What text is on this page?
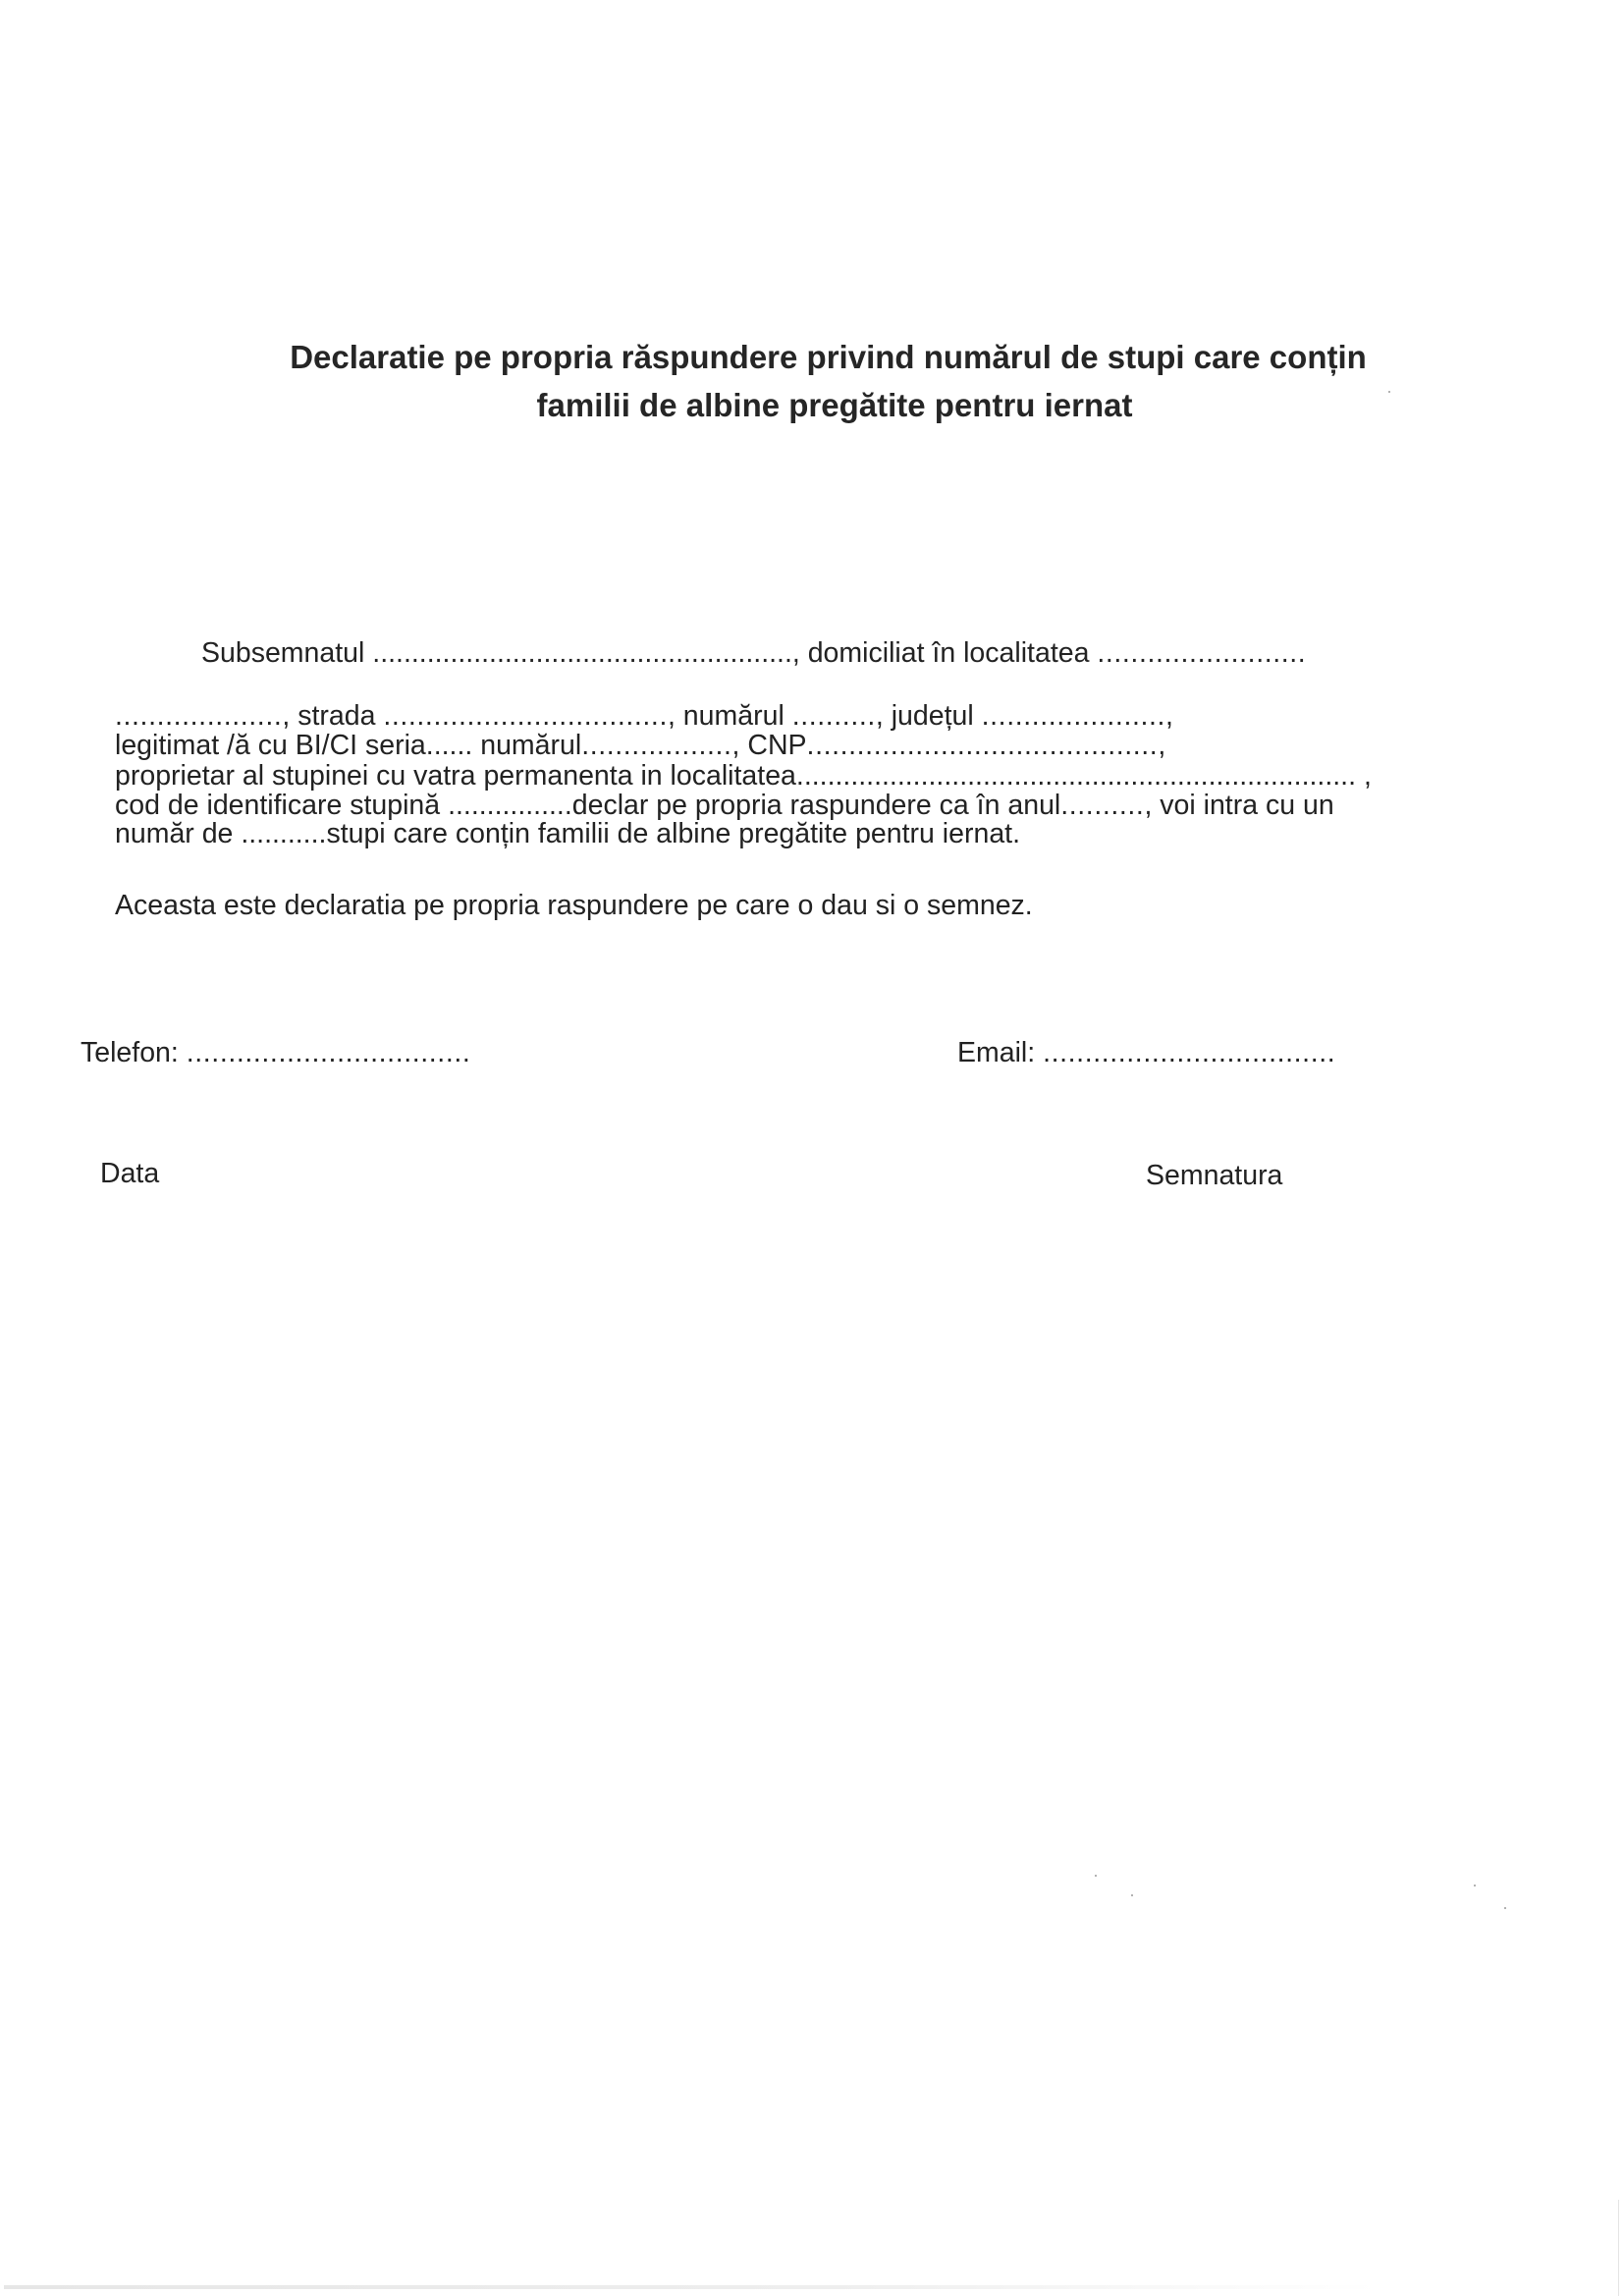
Declaratie pe propria răspundere privind numărul de stupi care conțin
familii de albine pregătite pentru iernat
Subsemnatul ......................................................, domiciliat în localitatea .........................
...................., strada .................................., numărul .........., județul ......................,
legitimat /ă cu BI/CI seria...... numărul.................., CNP..........................................,
proprietar al stupinei cu vatra permanenta in localitatea........................................................................ ,
cod de identificare stupină ................declar pe propria raspundere ca în anul.........., voi intra cu un
număr de ...........stupi care conțin familii de albine pregătite pentru iernat.
Aceasta este declaratia pe propria raspundere pe care o dau si o semnez.
Telefon: ..................................	Email: ...................................
Data	Semnatura
